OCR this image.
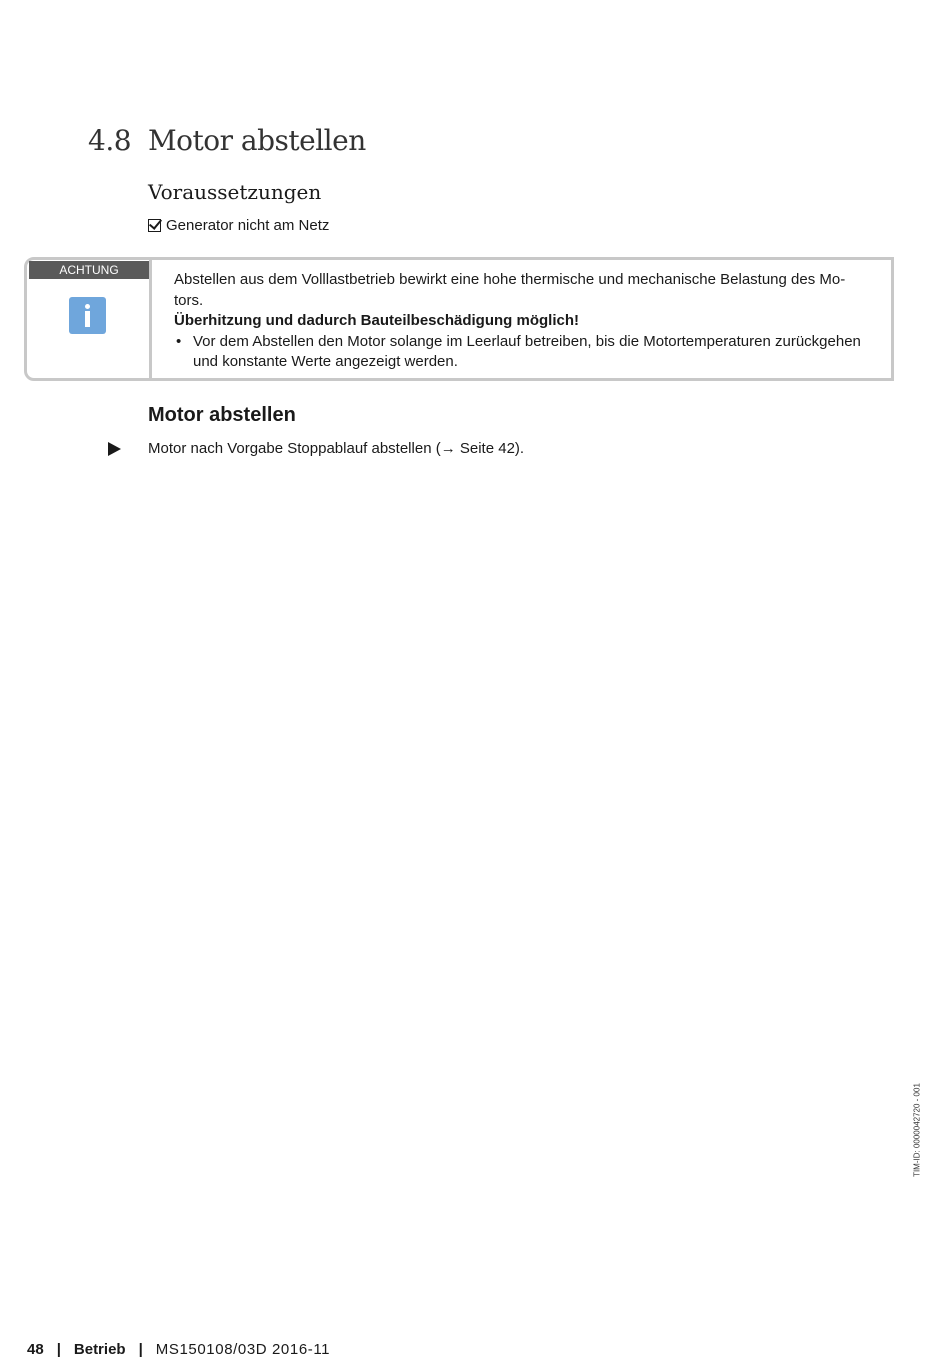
4.8 Motor abstellen
Voraussetzungen
Generator nicht am Netz
ACHTUNG
Abstellen aus dem Volllastbetrieb bewirkt eine hohe thermische und mechanische Belastung des Mo-
tors.
Überhitzung und dadurch Bauteilbeschädigung möglich!
• Vor dem Abstellen den Motor solange im Leerlauf betreiben, bis die Motortemperaturen zurückgehen
und konstante Werte angezeigt werden.
Motor abstellen
Motor nach Vorgabe Stoppablauf abstellen (→ Seite 42).
TIM-ID: 0000042720 - 001
48 | Betrieb | MS150108/03D 2016-11
